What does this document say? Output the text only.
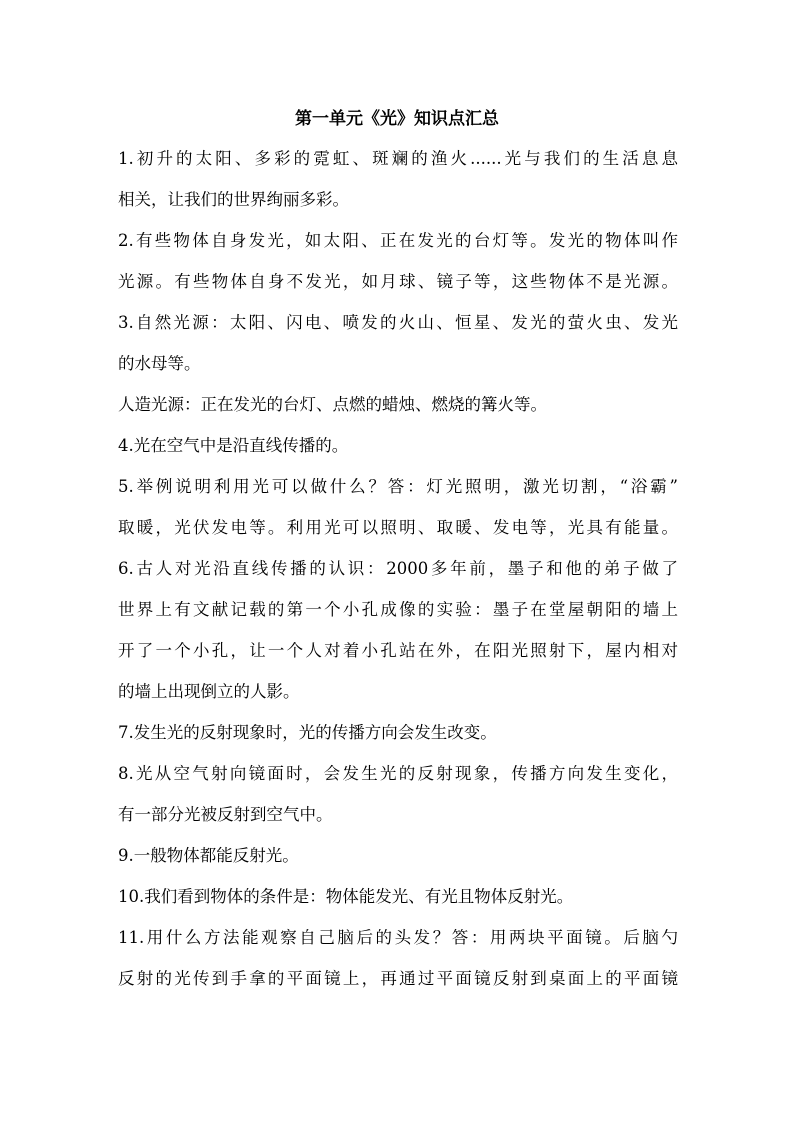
第一单元《光》知识点汇总
1.初升的太阳、多彩的霓虹、斑斓的渔火......光与我们的生活息息
相关，让我们的世界绚丽多彩。
2.有些物体自身发光，如太阳、正在发光的台灯等。发光的物体叫作
光源。有些物体自身不发光，如月球、镜子等，这些物体不是光源。
3.自然光源：太阳、闪电、喷发的火山、恒星、发光的萤火虫、发光
的水母等。
人造光源：正在发光的台灯、点燃的蜡烛、燃烧的篝火等。
4.光在空气中是沿直线传播的。
5.举例说明利用光可以做什么？答：灯光照明，激光切割，“浴霸”
取暖，光伏发电等。利用光可以照明、取暖、发电等，光具有能量。
6.古人对光沿直线传播的认识：2000多年前，墨子和他的弟子做了
世界上有文献记载的第一个小孔成像的实验：墨子在堂屋朝阳的墙上
开了一个小孔，让一个人对着小孔站在外，在阳光照射下，屋内相对
的墙上出现倒立的人影。
7.发生光的反射现象时，光的传播方向会发生改变。
8.光从空气射向镜面时，会发生光的反射现象，传播方向发生变化，
有一部分光被反射到空气中。
9.一般物体都能反射光。
10.我们看到物体的条件是：物体能发光、有光且物体反射光。
11.用什么方法能观察自己脑后的头发？答：用两块平面镜。后脑勺
反射的光传到手拿的平面镜上，再通过平面镜反射到桌面上的平面镜
